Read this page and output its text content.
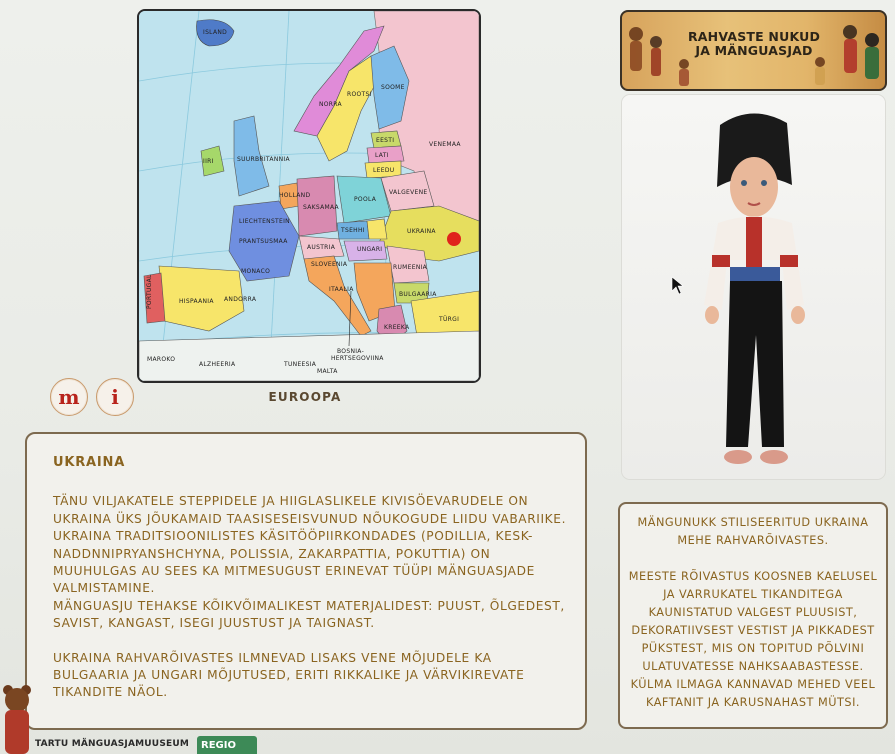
ISLAND
NORRA
ROOTSI
SOOME
EESTI
LATI
LEEDU
VENEMAA
IIRI	SUURBRITANNIA
HOLLAND
SAKSAMAA
POOLA
VALGEVENE
UKRAINA
PRANTSUSMAA
LIECHTENSTEIN
TSEHHI
UNGARI
RUMEENIA
AUSTRIA
SLOVEENIA
MONACO
ANDORRA
HISPAANIA
PORTUGAL	ITAALIA
BULGAARIA
KREEKA
TÜRGI
MAROKO
ALZHEERIA	TUNEESIA
MALTA
BOSNIA-
HERTSEGOVIINA
EUROOPA
m	i
UKRAINA

TÄNU VILJAKATELE STEPPIDELE JA HIIGLASLIKELE KIVISÖEVARUDELE ON UKRAINA ÜKS JÕUKAMAID TAASISESEISVUNUD NÕUKOGUDE LIIDU VABARIIKE. UKRAINA TRADITSIOONILISTES KÄSITÖÖPIIRKONDADES (PODILLIA, KESK-NADDNNIPRYANSHCHYNA, POLISSIA, ZAKARPATTIA, POKUTTIA) ON MUUHULGAS AU SEES KA MITMESUGUST ERINEVAT TÜÜPI MÄNGUASJADE VALMISTAMINE.

MÄNGUASJU TEHAKSE KÕIKVÕIMALIKEST MATERJALIDEST: PUUST, ÕLGEDEST, SAVIST, KANGAST, ISEGI JUUSTUST JA TAIGNAST.

UKRAINA RAHVARÕIVASTES ILMNEVAD LISAKS VENE MÕJUDELE KA BULGAARIA JA UNGARI MÕJUTUSED, ERITI RIKKALIKE JA VÄRVIKIREVATE TIKANDITE NÄOL.

RAHVASTE NUKUD
JA MÄNGUASJAD

MÄNGUNUKK STILISEERITUD UKRAINA MEHE RAHVARÕIVASTES.

MEESTE RÕIVASTUS KOOSNEB KAELUSEL JA VARRUKATEL TIKANDITEGA KAUNISTATUD VALGEST PLUUSIST, DEKORATIIVSEST VESTIST JA PIKKADEST PÜKSTEST, MIS ON TOPITUD PÕLVINI ULATUVATESSE NAHKSAABASTESSE. KÜLMA ILMAGA KANNAVAD MEHED VEEL KAFTANIT JA KARUSNAHAST MÜTSI.

TARTU MÄNGUASJAMUUSEUM	REGIO
